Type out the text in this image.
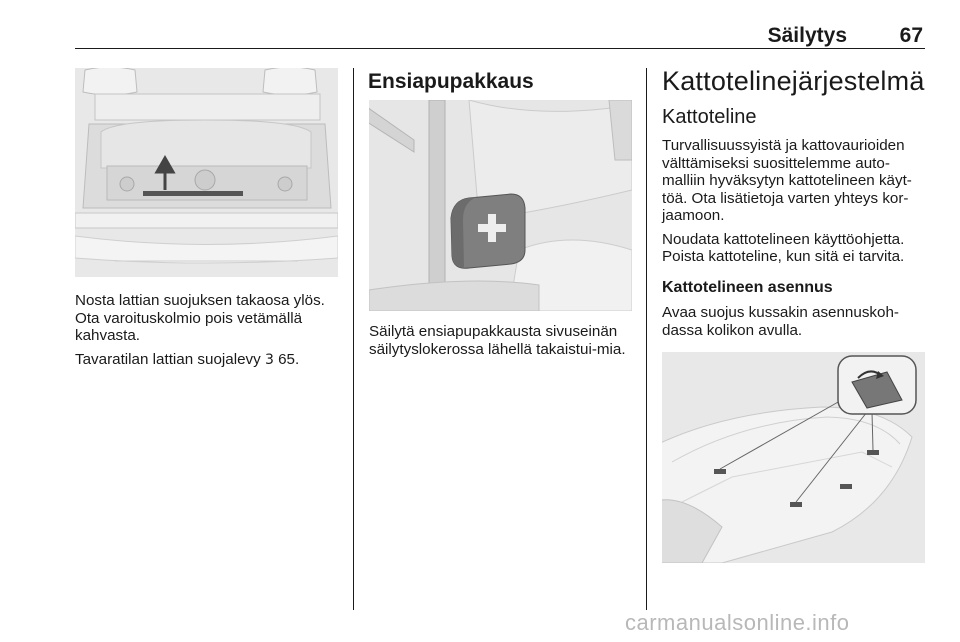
Säilytys	67

Nosta lattian suojuksen takaosa ylös. Ota varoituskolmio pois vetämällä kahvasta.

Tavaratilan lattian suojalevy 3 65.

Ensiapupakkaus

Säilytä ensiapupakkausta sivuseinän säilytyslokerossa lähellä takaistui-mia.

Kattotelinejärjestelmä
Kattoteline

Turvallisuussyistä ja kattovaurioiden välttämiseksi suosittelemme auto-malliin hyväksytyn kattotelineen käyt-töä. Ota lisätietoja varten yhteys kor-jaamoon.

Noudata kattotelineen käyttöohjetta. Poista kattoteline, kun sitä ei tarvita.

Kattotelineen asennus

Avaa suojus kussakin asennuskoh-dassa kolikon avulla.

carmanualsonline.info
